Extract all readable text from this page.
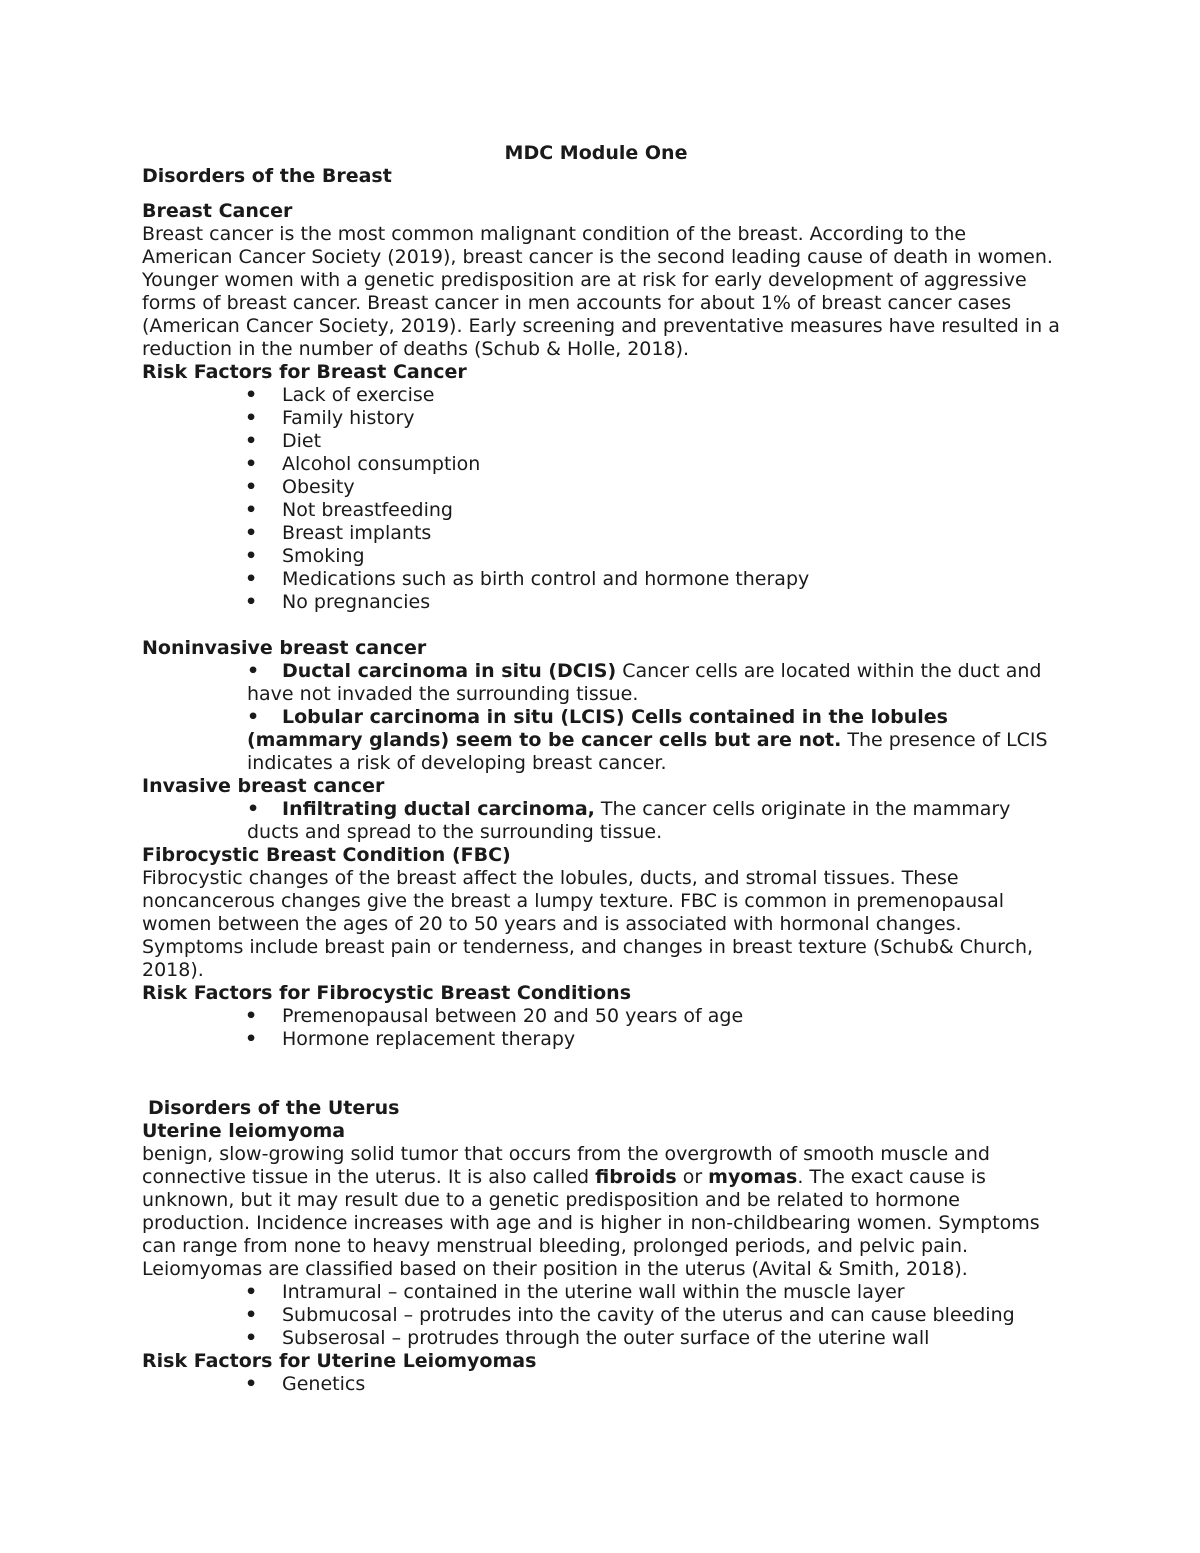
MDC Module One
Disorders of the Breast
Breast Cancer

Breast cancer is the most common malignant condition of the breast. According to the American Cancer Society (2019), breast cancer is the second leading cause of death in women. Younger women with a genetic predisposition are at risk for early development of aggressive forms of breast cancer. Breast cancer in men accounts for about 1% of breast cancer cases (American Cancer Society, 2019). Early screening and preventative measures have resulted in a reduction in the number of deaths (Schub & Holle, 2018).

Risk Factors for Breast Cancer
• Lack of exercise
• Family history
• Diet
• Alcohol consumption
• Obesity
• Not breastfeeding
• Breast implants
• Smoking
• Medications such as birth control and hormone therapy
• No pregnancies
Noninvasive breast cancer
• Ductal carcinoma in situ (DCIS) Cancer cells are located within the duct and have not invaded the surrounding tissue.
• Lobular carcinoma in situ (LCIS) Cells contained in the lobules (mammary glands) seem to be cancer cells but are not. The presence of LCIS indicates a risk of developing breast cancer.
Invasive breast cancer
• Infiltrating ductal carcinoma, The cancer cells originate in the mammary ducts and spread to the surrounding tissue.
Fibrocystic Breast Condition (FBC)

Fibrocystic changes of the breast affect the lobules, ducts, and stromal tissues. These noncancerous changes give the breast a lumpy texture. FBC is common in premenopausal women between the ages of 20 to 50 years and is associated with hormonal changes. Symptoms include breast pain or tenderness, and changes in breast texture (Schub& Church, 2018).

Risk Factors for Fibrocystic Breast Conditions
• Premenopausal between 20 and 50 years of age
• Hormone replacement therapy
Disorders of the Uterus
Uterine leiomyoma

benign, slow-growing solid tumor that occurs from the overgrowth of smooth muscle and connective tissue in the uterus. It is also called fibroids or myomas. The exact cause is unknown, but it may result due to a genetic predisposition and be related to hormone production. Incidence increases with age and is higher in non-childbearing women. Symptoms can range from none to heavy menstrual bleeding, prolonged periods, and pelvic pain. Leiomyomas are classified based on their position in the uterus (Avital & Smith, 2018).

• Intramural – contained in the uterine wall within the muscle layer
• Submucosal – protrudes into the cavity of the uterus and can cause bleeding
• Subserosal – protrudes through the outer surface of the uterine wall
Risk Factors for Uterine Leiomyomas
• Genetics
